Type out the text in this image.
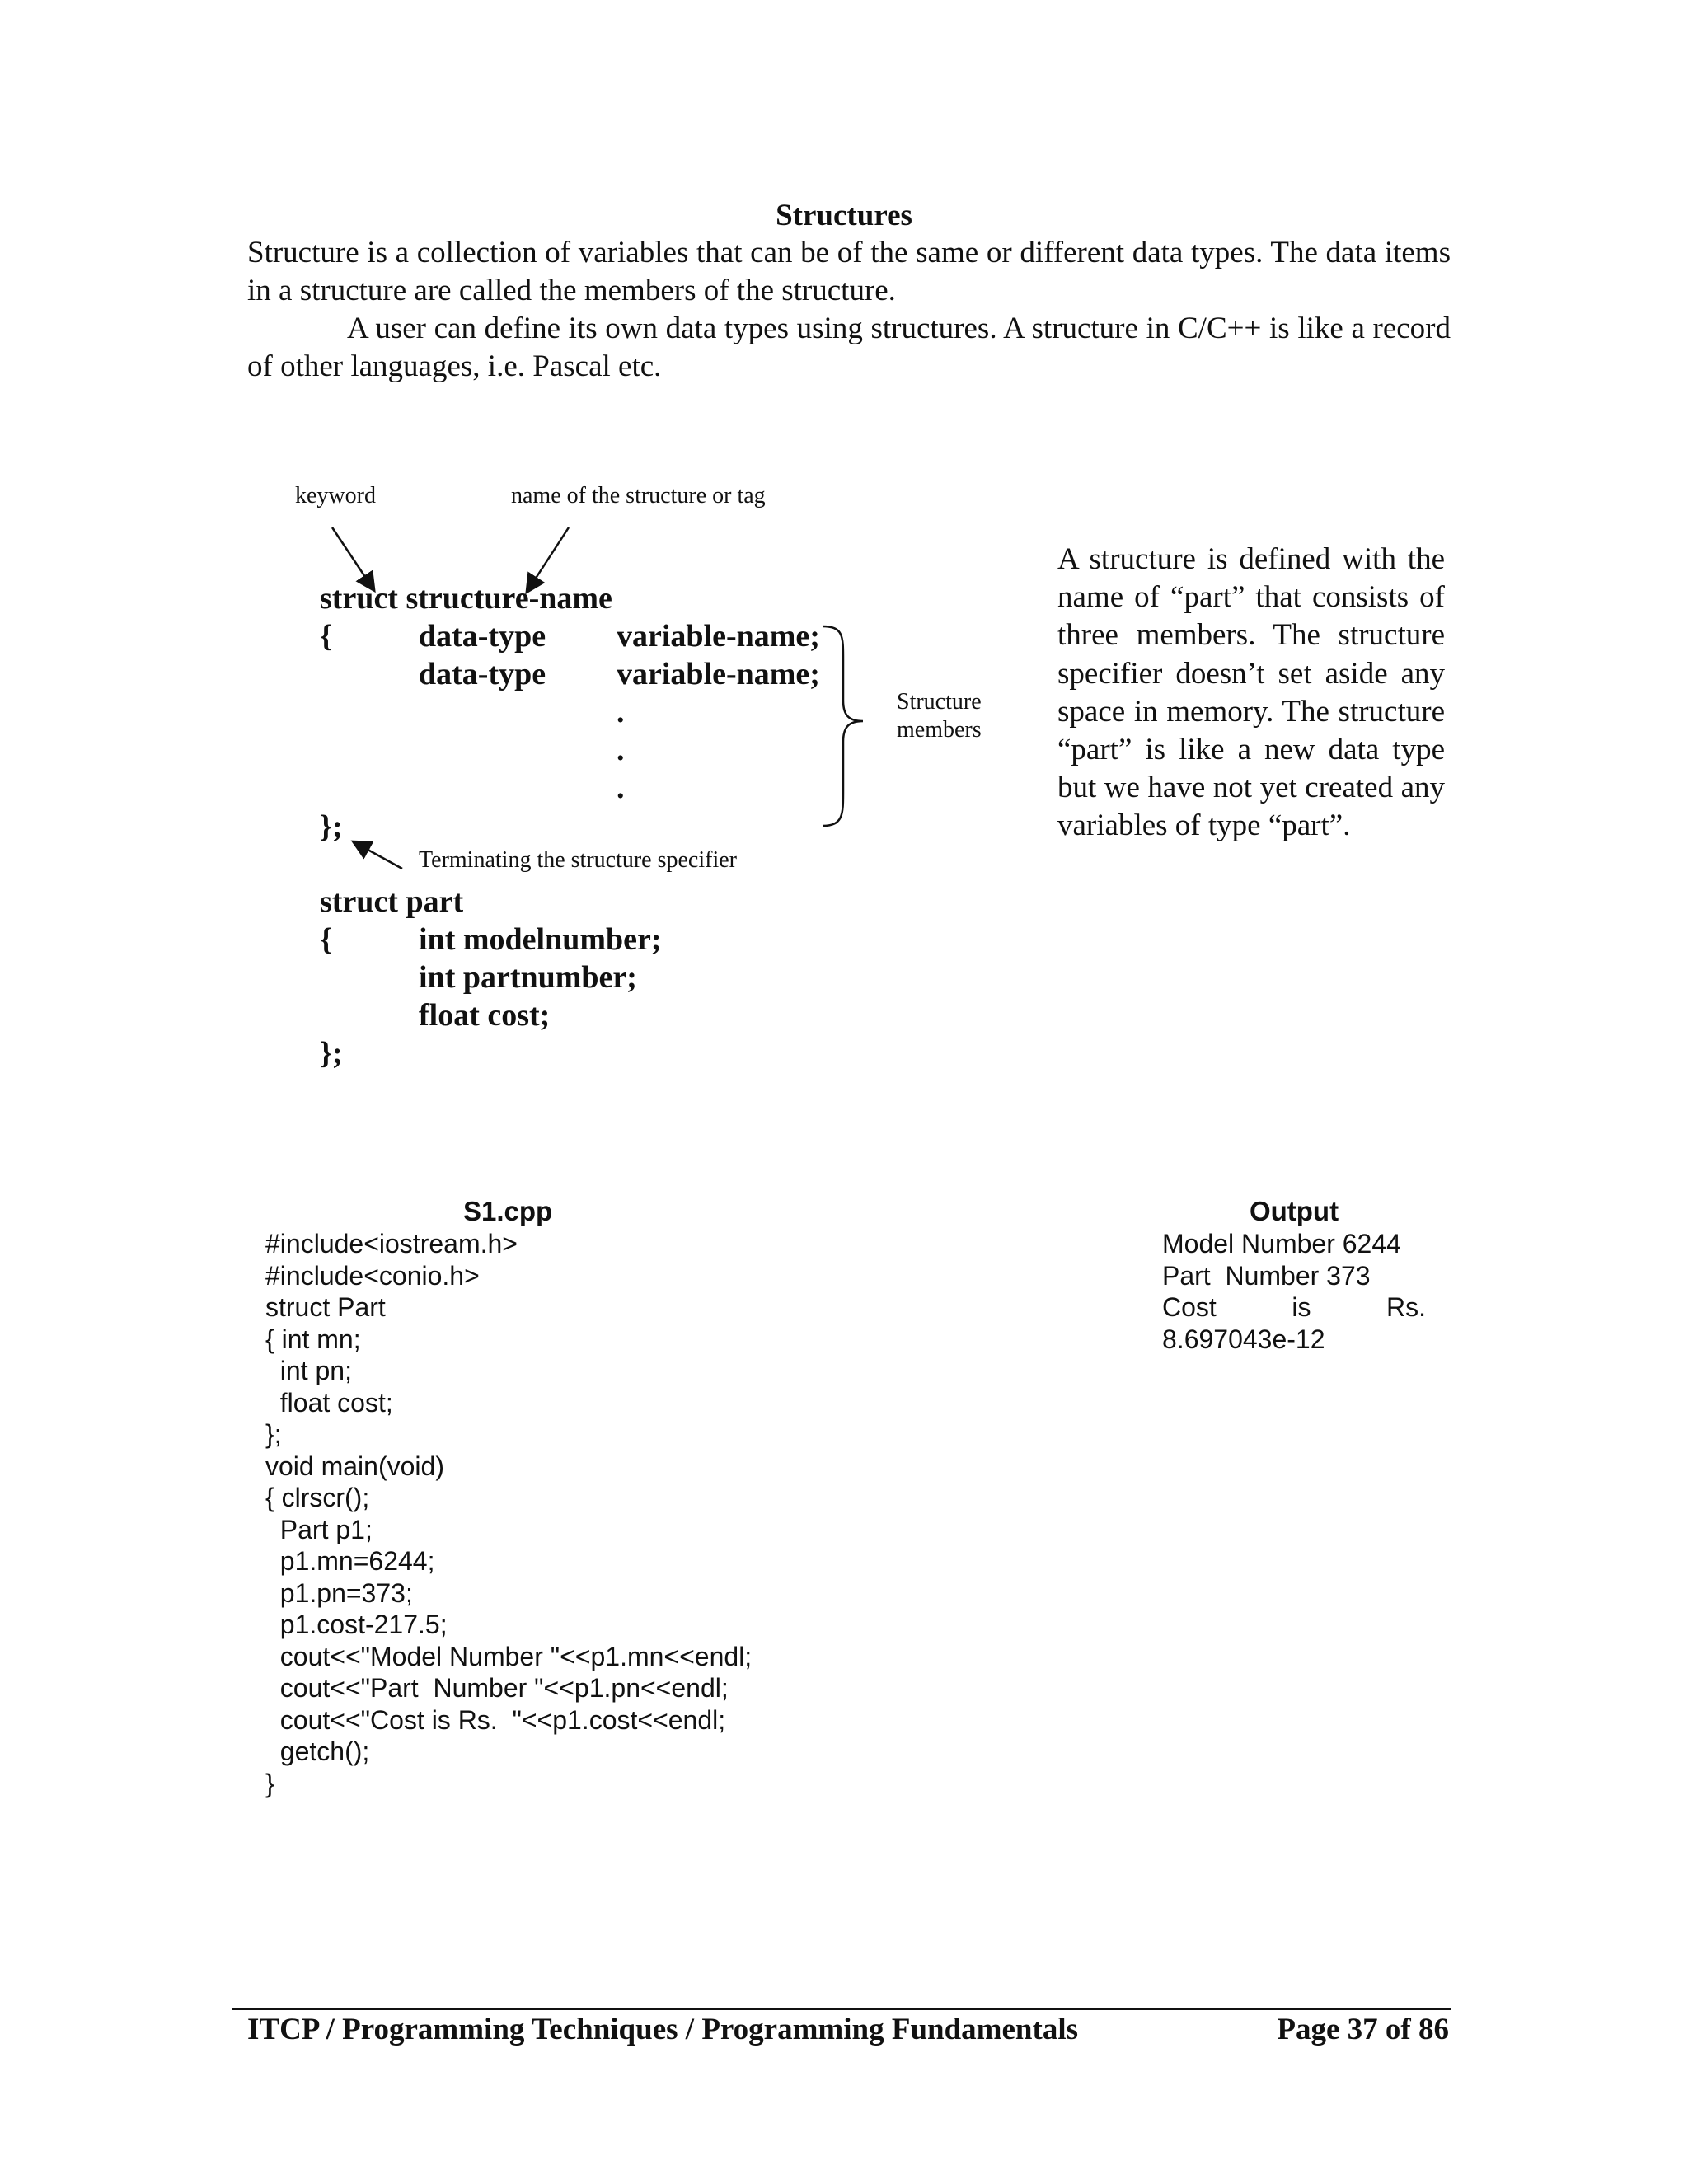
Structures

Structure is a collection of variables that can be of the same or different data types. The data items in a structure are called the members of the structure.

A user can define its own data types using structures. A structure in C/C++ is like a record of other languages, i.e. Pascal etc.

keyword	name of the structure or tag
Structure
members
Terminating the structure specifier
struct structure-name
{	data-type variable-name;
data-type variable-name;
.
.
.
};
struct part
{	int modelnumber;
int partnumber;
float cost;
};
A structure is defined with the name of “part” that consists of three members. The structure specifier doesn’t set aside any space in memory. The structure “part” is like a new data type but we have not yet created any variables of type “part”.
S1.cpp
#include<iostream.h>
#include<conio.h>
struct Part
{ int mn;
int pn;
float cost;
};
void main(void)
{ clrscr();
Part p1;
p1.mn=6244;
p1.pn=373;
p1.cost-217.5;
cout<<"Model Number "<<p1.mn<<endl;
cout<<"Part  Number "<<p1.pn<<endl;
cout<<"Cost is Rs.  "<<p1.cost<<endl;
getch();
}
Output
Model Number 6244
Part  Number 373
Cost	is	Rs.
8.697043e-12
ITCP / Programming Techniques / Programming Fundamentals	Page 37 of 86
